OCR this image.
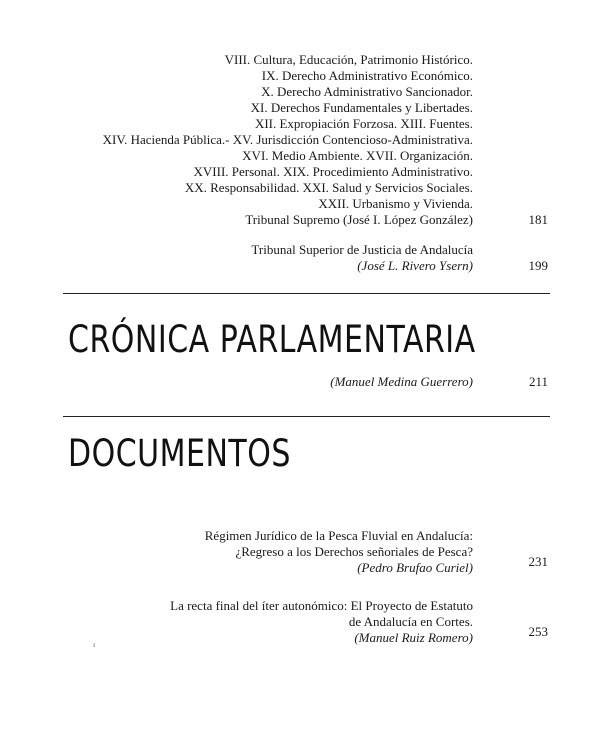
VIII. Cultura, Educación, Patrimonio Histórico.
IX. Derecho Administrativo Económico.
X. Derecho Administrativo Sancionador.
XI. Derechos Fundamentales y Libertades.
XII. Expropiación Forzosa. XIII. Fuentes.
XIV. Hacienda Pública.- XV. Jurisdicción Contencioso-Administrativa.
XVI. Medio Ambiente. XVII. Organización.
XVIII. Personal. XIX. Procedimiento Administrativo.
XX. Responsabilidad. XXI. Salud y Servicios Sociales.
XXII. Urbanismo y Vivienda.
Tribunal Supremo (José I. López González)	181
Tribunal Superior de Justicia de Andalucía
(José L. Rivero Ysern)	199
CRÓNICA PARLAMENTARIA
(Manuel Medina Guerrero)	211
DOCUMENTOS
Régimen Jurídico de la Pesca Fluvial en Andalucía:
¿Regreso a los Derechos señoriales de Pesca?
(Pedro Brufao Curiel)	231
La recta final del íter autonómico: El Proyecto de Estatuto
de Andalucía en Cortes.
(Manuel Ruiz Romero)	253
ı
